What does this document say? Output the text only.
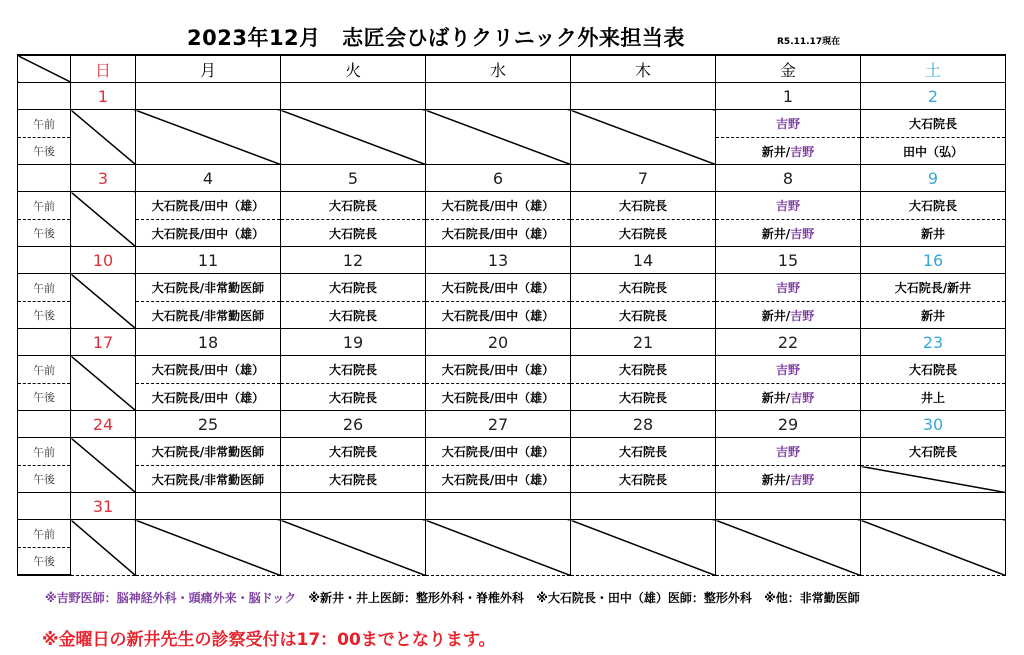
2023年12月　志匠会ひばりクリニック外来担当表	R5.11.17現在
	日	月	火	水	木	金	土
	1					1	2
午前						吉野	大石院長
午後						新井/吉野	田中（弘）
	3	4	5	6	7	8	9
午前		大石院長/田中（雄）	大石院長	大石院長/田中（雄）	大石院長	吉野	大石院長
午後		大石院長/田中（雄）	大石院長	大石院長/田中（雄）	大石院長	新井/吉野	新井
	10	11	12	13	14	15	16
午前		大石院長/非常勤医師	大石院長	大石院長/田中（雄）	大石院長	吉野	大石院長/新井
午後		大石院長/非常勤医師	大石院長	大石院長/田中（雄）	大石院長	新井/吉野	新井
	17	18	19	20	21	22	23
午前		大石院長/田中（雄）	大石院長	大石院長/田中（雄）	大石院長	吉野	大石院長
午後		大石院長/田中（雄）	大石院長	大石院長/田中（雄）	大石院長	新井/吉野	井上
	24	25	26	27	28	29	30
午前		大石院長/非常勤医師	大石院長	大石院長/田中（雄）	大石院長	吉野	大石院長
午後		大石院長/非常勤医師	大石院長	大石院長/田中（雄）	大石院長	新井/吉野	
	31						
午前							
午後							
※吉野医師：脳神経外科・頭痛外来・脳ドック ※新井・井上医師：整形外科・脊椎外科 ※大石院長・田中（雄）医師：整形外科 ※他：非常勤医師
※金曜日の新井先生の診察受付は17：00までとなります。
